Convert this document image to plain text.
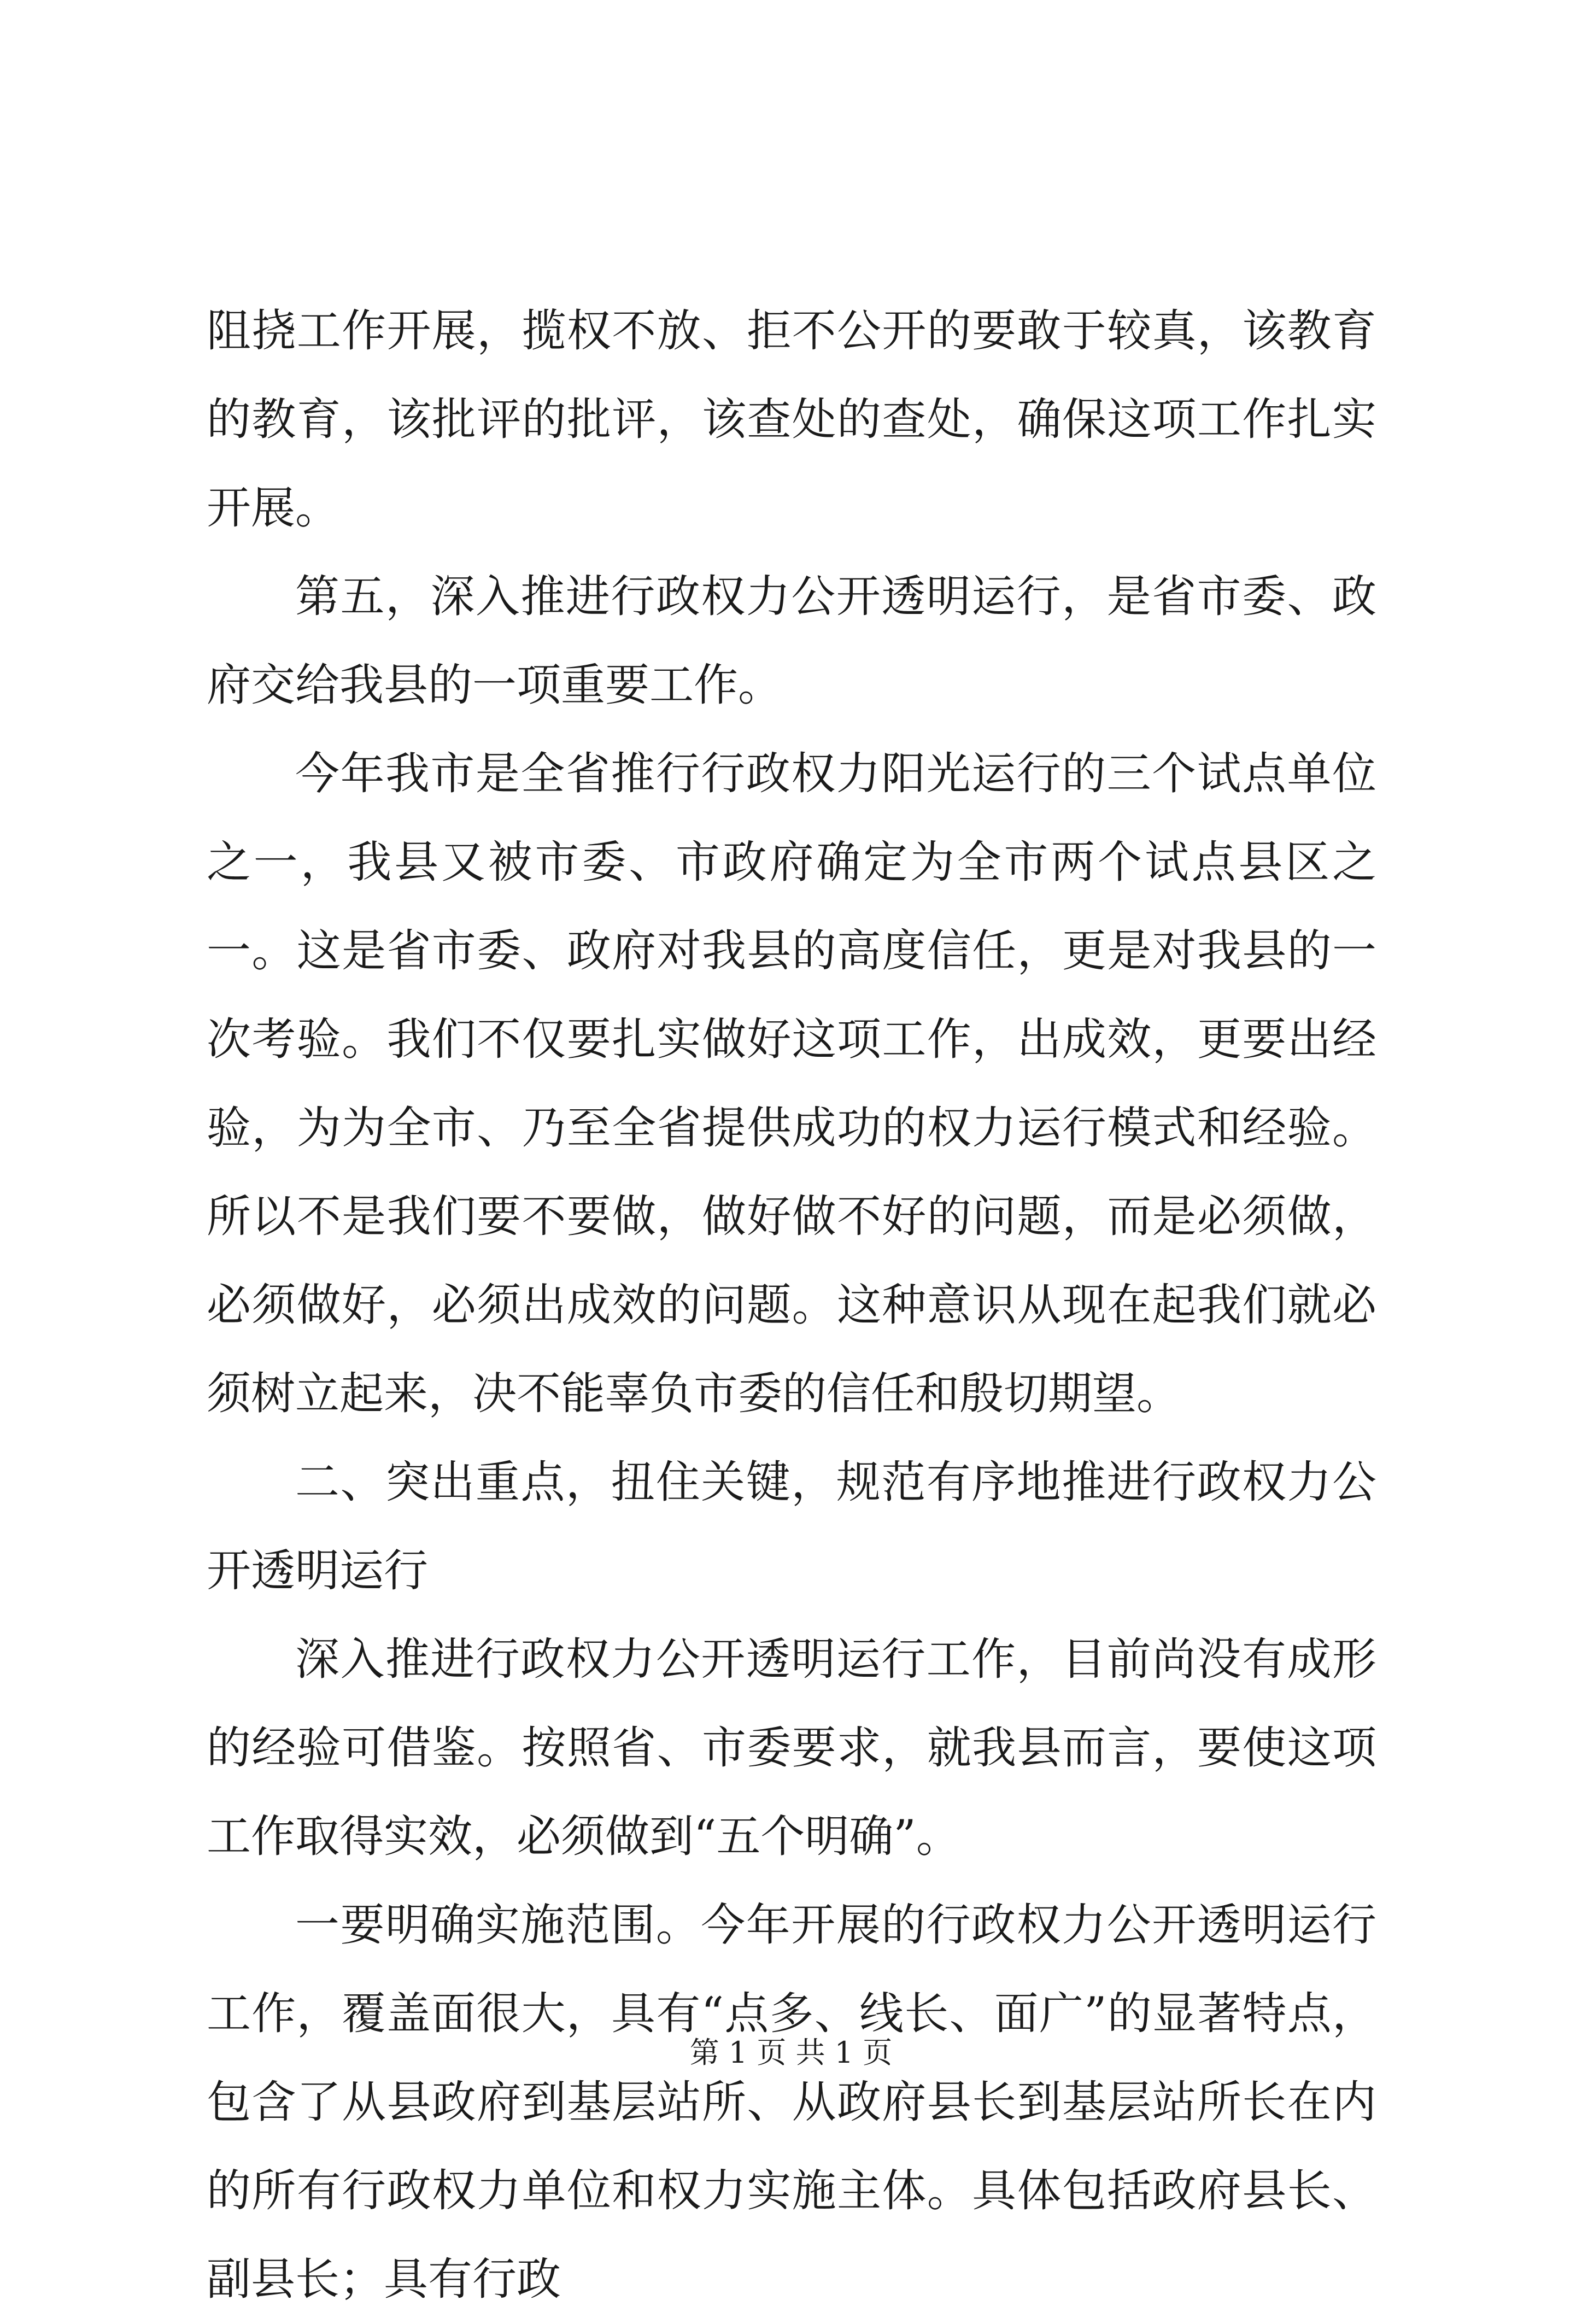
阻挠工作开展，揽权不放、拒不公开的要敢于较真，该教育的教育，该批评的批评，该查处的查处，确保这项工作扎实开展。

第五，深入推进行政权力公开透明运行，是省市委、政府交给我县的一项重要工作。

今年我市是全省推行行政权力阳光运行的三个试点单位之一，我县又被市委、市政府确定为全市两个试点县区之一。这是省市委、政府对我县的高度信任，更是对我县的一次考验。我们不仅要扎实做好这项工作，出成效，更要出经验，为为全市、乃至全省提供成功的权力运行模式和经验。所以不是我们要不要做，做好做不好的问题，而是必须做，必须做好，必须出成效的问题。这种意识从现在起我们就必须树立起来，决不能辜负市委的信任和殷切期望。

二、突出重点，扭住关键，规范有序地推进行政权力公开透明运行

深入推进行政权力公开透明运行工作，目前尚没有成形的经验可借鉴。按照省、市委要求，就我县而言，要使这项工作取得实效，必须做到“五个明确”。

一要明确实施范围。今年开展的行政权力公开透明运行工作，覆盖面很大，具有“点多、线长、面广”的显著特点，包含了从县政府到基层站所、从政府县长到基层站所长在内的所有行政权力单位和权力实施主体。具体包括政府县长、副县长；具有行政

第 1 页 共 1 页
